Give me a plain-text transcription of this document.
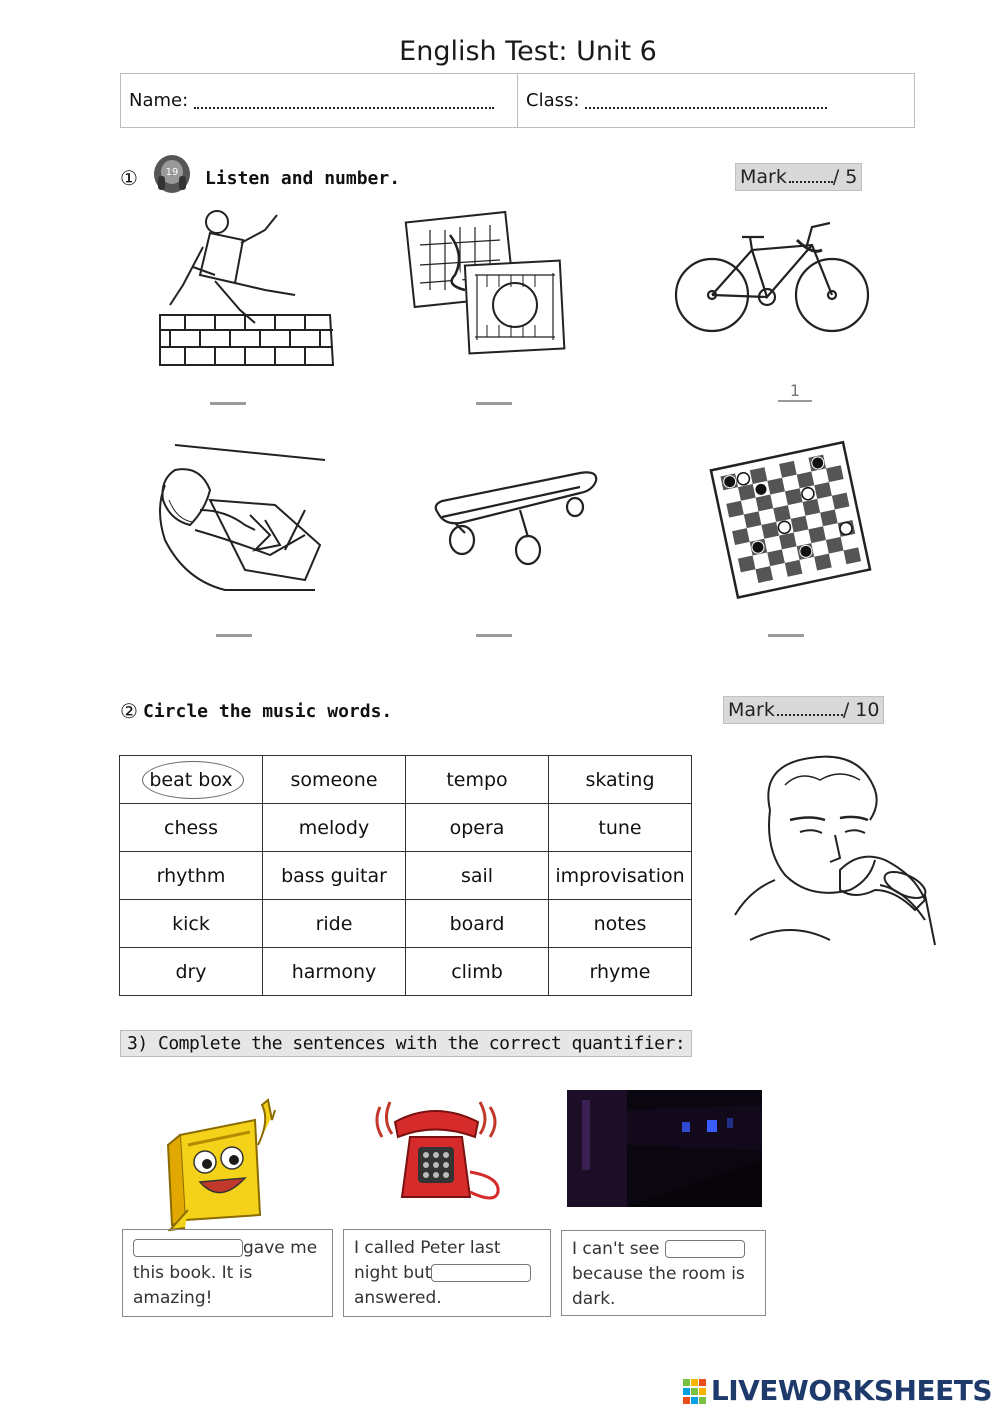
English Test: Unit 6
Name:	Class:
①	19 Listen and number.	Mark / 5
1
② Circle the music words.	Mark	/ 10
beat box	someone	tempo	skating
chess	melody	opera	tune
rhythm	bass guitar	sail	improvisation
kick	ride	board	notes
dry	harmony	climb	rhyme
3) Complete the sentences with the correct quantifier:
gave me this book. It is amazing!
I called Peter last night butanswered.
I can't see  because the room is dark.
LIVEWORKSHEETS
